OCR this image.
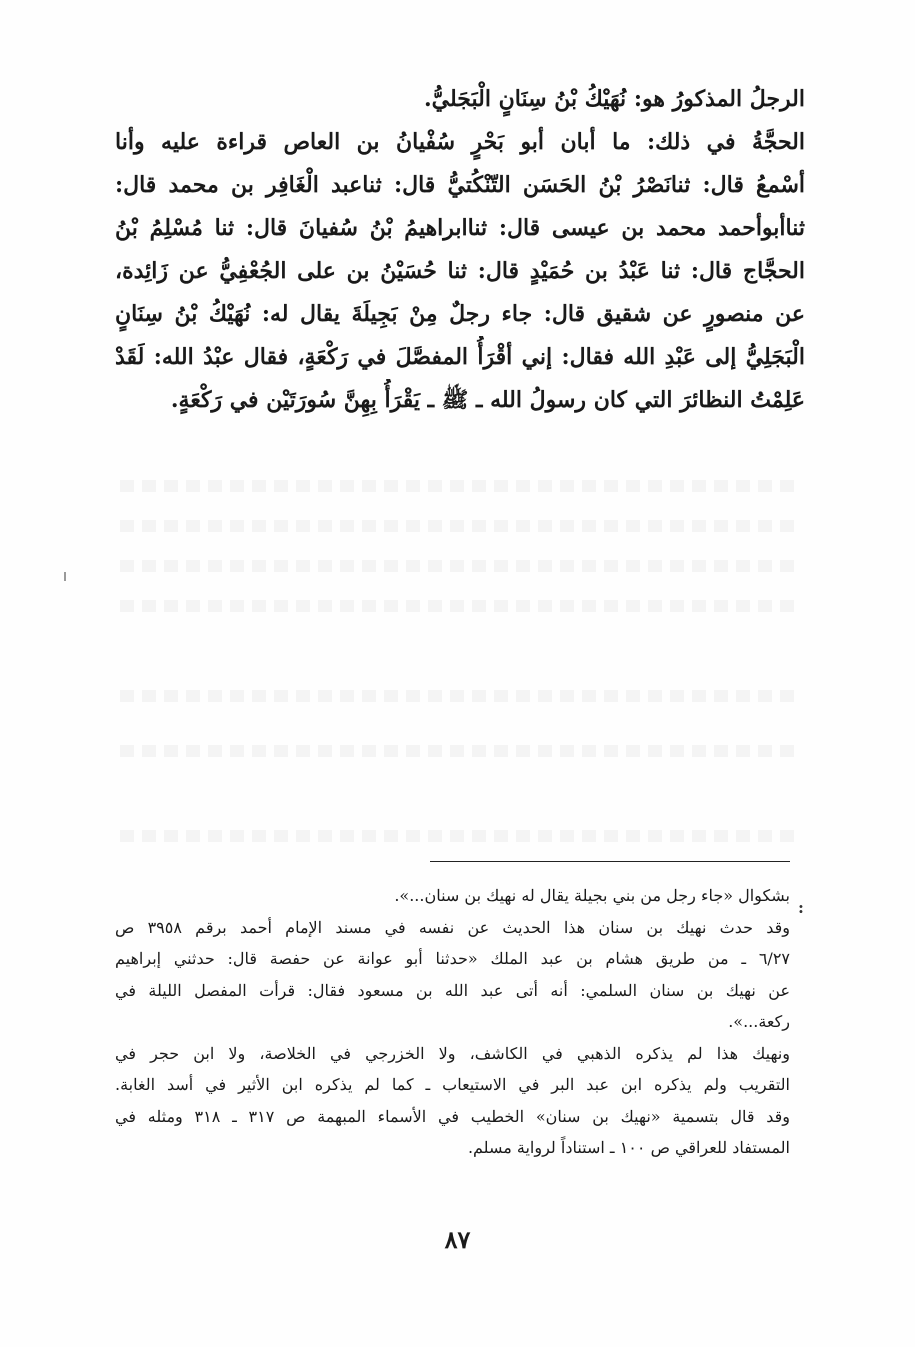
الرجلُ المذكورُ هو: نُهَيْكُ بْنُ سِنَانٍ الْبَجَليُّ.
الحجَّةُ في ذلك: ما أبان أبو بَحْرٍ سُفْيانُ بن العاص قراءة عليه وأنا
أسْمعُ قال: ثنانَصْرُ بْنُ الحَسَن التّنْكُتيُّ قال: ثناعبد الْغَافِر بن محمد قال:
ثناأبوأحمد محمد بن عيسى قال: ثناابراهيمُ بْنُ سُفيانَ قال: ثنا مُسْلِمُ بْنُ
الحجَّاج قال: ثنا عَبْدُ بن حُمَيْدٍ قال: ثنا حُسَيْنُ بن على الجُعْفِيُّ عن زَائِدة،
عن منصورٍ عن شقيق قال: جاء رجلٌ مِنْ بَجِيلَةَ يقال له: نُهَيْكُ بْنُ سِنَانٍ
الْبَجَلِيُّ إلى عَبْدِ الله فقال: إني أقْرَأُ المفصَّلَ في رَكْعَةٍ، فقال عبْدُ الله: لَقَدْ
عَلِمْتُ النظائرَ التي كان رسولُ الله ـ ﷺ ـ يَقْرَأُ بِهِنَّ سُورَتَيْن في رَكْعَةٍ.
:
بشكوال «جاء رجل من بني بجيلة يقال له نهيك بن سنان...».
وقد حدث نهيك بن سنان هذا الحديث عن نفسه في مسند الإمام أحمد برقم ٣٩٥٨ ص
٦/٢٧ ـ من طريق هشام بن عبد الملك «حدثنا أبو عوانة عن حفصة قال: حدثني إبراهيم
عن نهيك بن سنان السلمي: أنه أتى عبد الله بن مسعود فقال: قرأت المفصل الليلة في
ركعة...».
ونهيك هذا لم يذكره الذهبي في الكاشف، ولا الخزرجي في الخلاصة، ولا ابن حجر في
التقريب ولم يذكره ابن عبد البر في الاستيعاب ـ كما لم يذكره ابن الأثير في أسد الغابة.
وقد قال بتسمية «نهيك بن سنان» الخطيب في الأسماء المبهمة ص ٣١٧ ـ ٣١٨ ومثله في
المستفاد للعراقي ص ١٠٠ ـ استناداً لرواية مسلم.
٨٧
